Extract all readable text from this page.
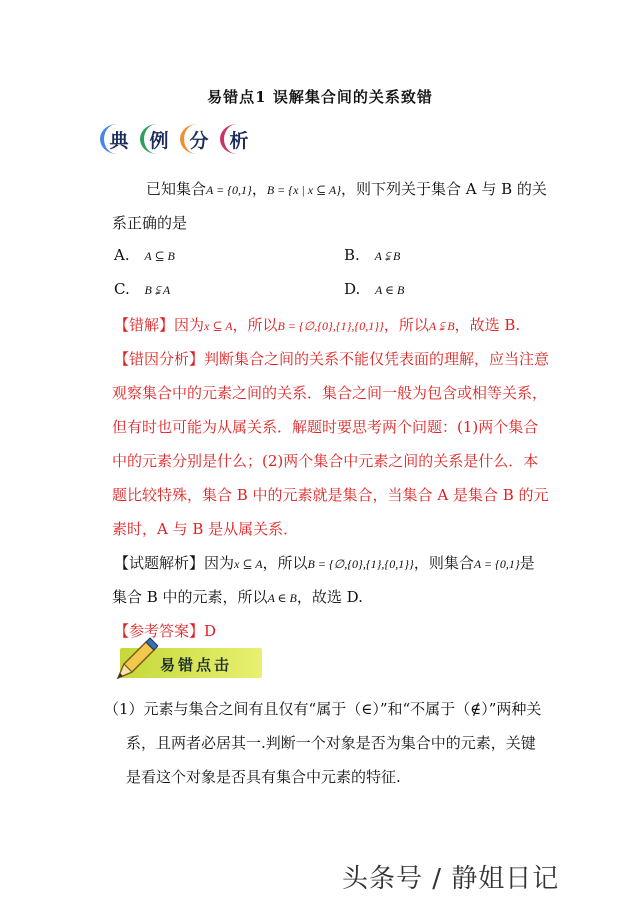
易错点1 误解集合间的关系致错
典	例	分	析
已知集合A = {0,1}，B = {x | x ⊆ A}，则下列关于集合 A 与 B 的关
系正确的是
A. A ⊆ B	B. A ⫋ B
C. B ⫋ A	D. A ∈ B
【错解】因为x ⊆ A，所以B = {∅,{0},{1},{0,1}}，所以A ⫋ B，故选 B.
【错因分析】判断集合之间的关系不能仅凭表面的理解，应当注意
观察集合中的元素之间的关系．集合之间一般为包含或相等关系，
但有时也可能为从属关系．解题时要思考两个问题：(1)两个集合
中的元素分别是什么；(2)两个集合中元素之间的关系是什么．本
题比较特殊，集合 B 中的元素就是集合，当集合 A 是集合 B 的元
素时，A 与 B 是从属关系．
【试题解析】因为x ⊆ A，所以B = {∅,{0},{1},{0,1}}，则集合A = {0,1}是
集合 B 中的元素，所以A ∈ B，故选 D.
【参考答案】D
易错点击
（1）元素与集合之间有且仅有“属于（∈）”和“不属于（∉）”两种关
系，且两者必居其一.判断一个对象是否为集合中的元素，关键
是看这个对象是否具有集合中元素的特征.
头条号 / 静姐日记
